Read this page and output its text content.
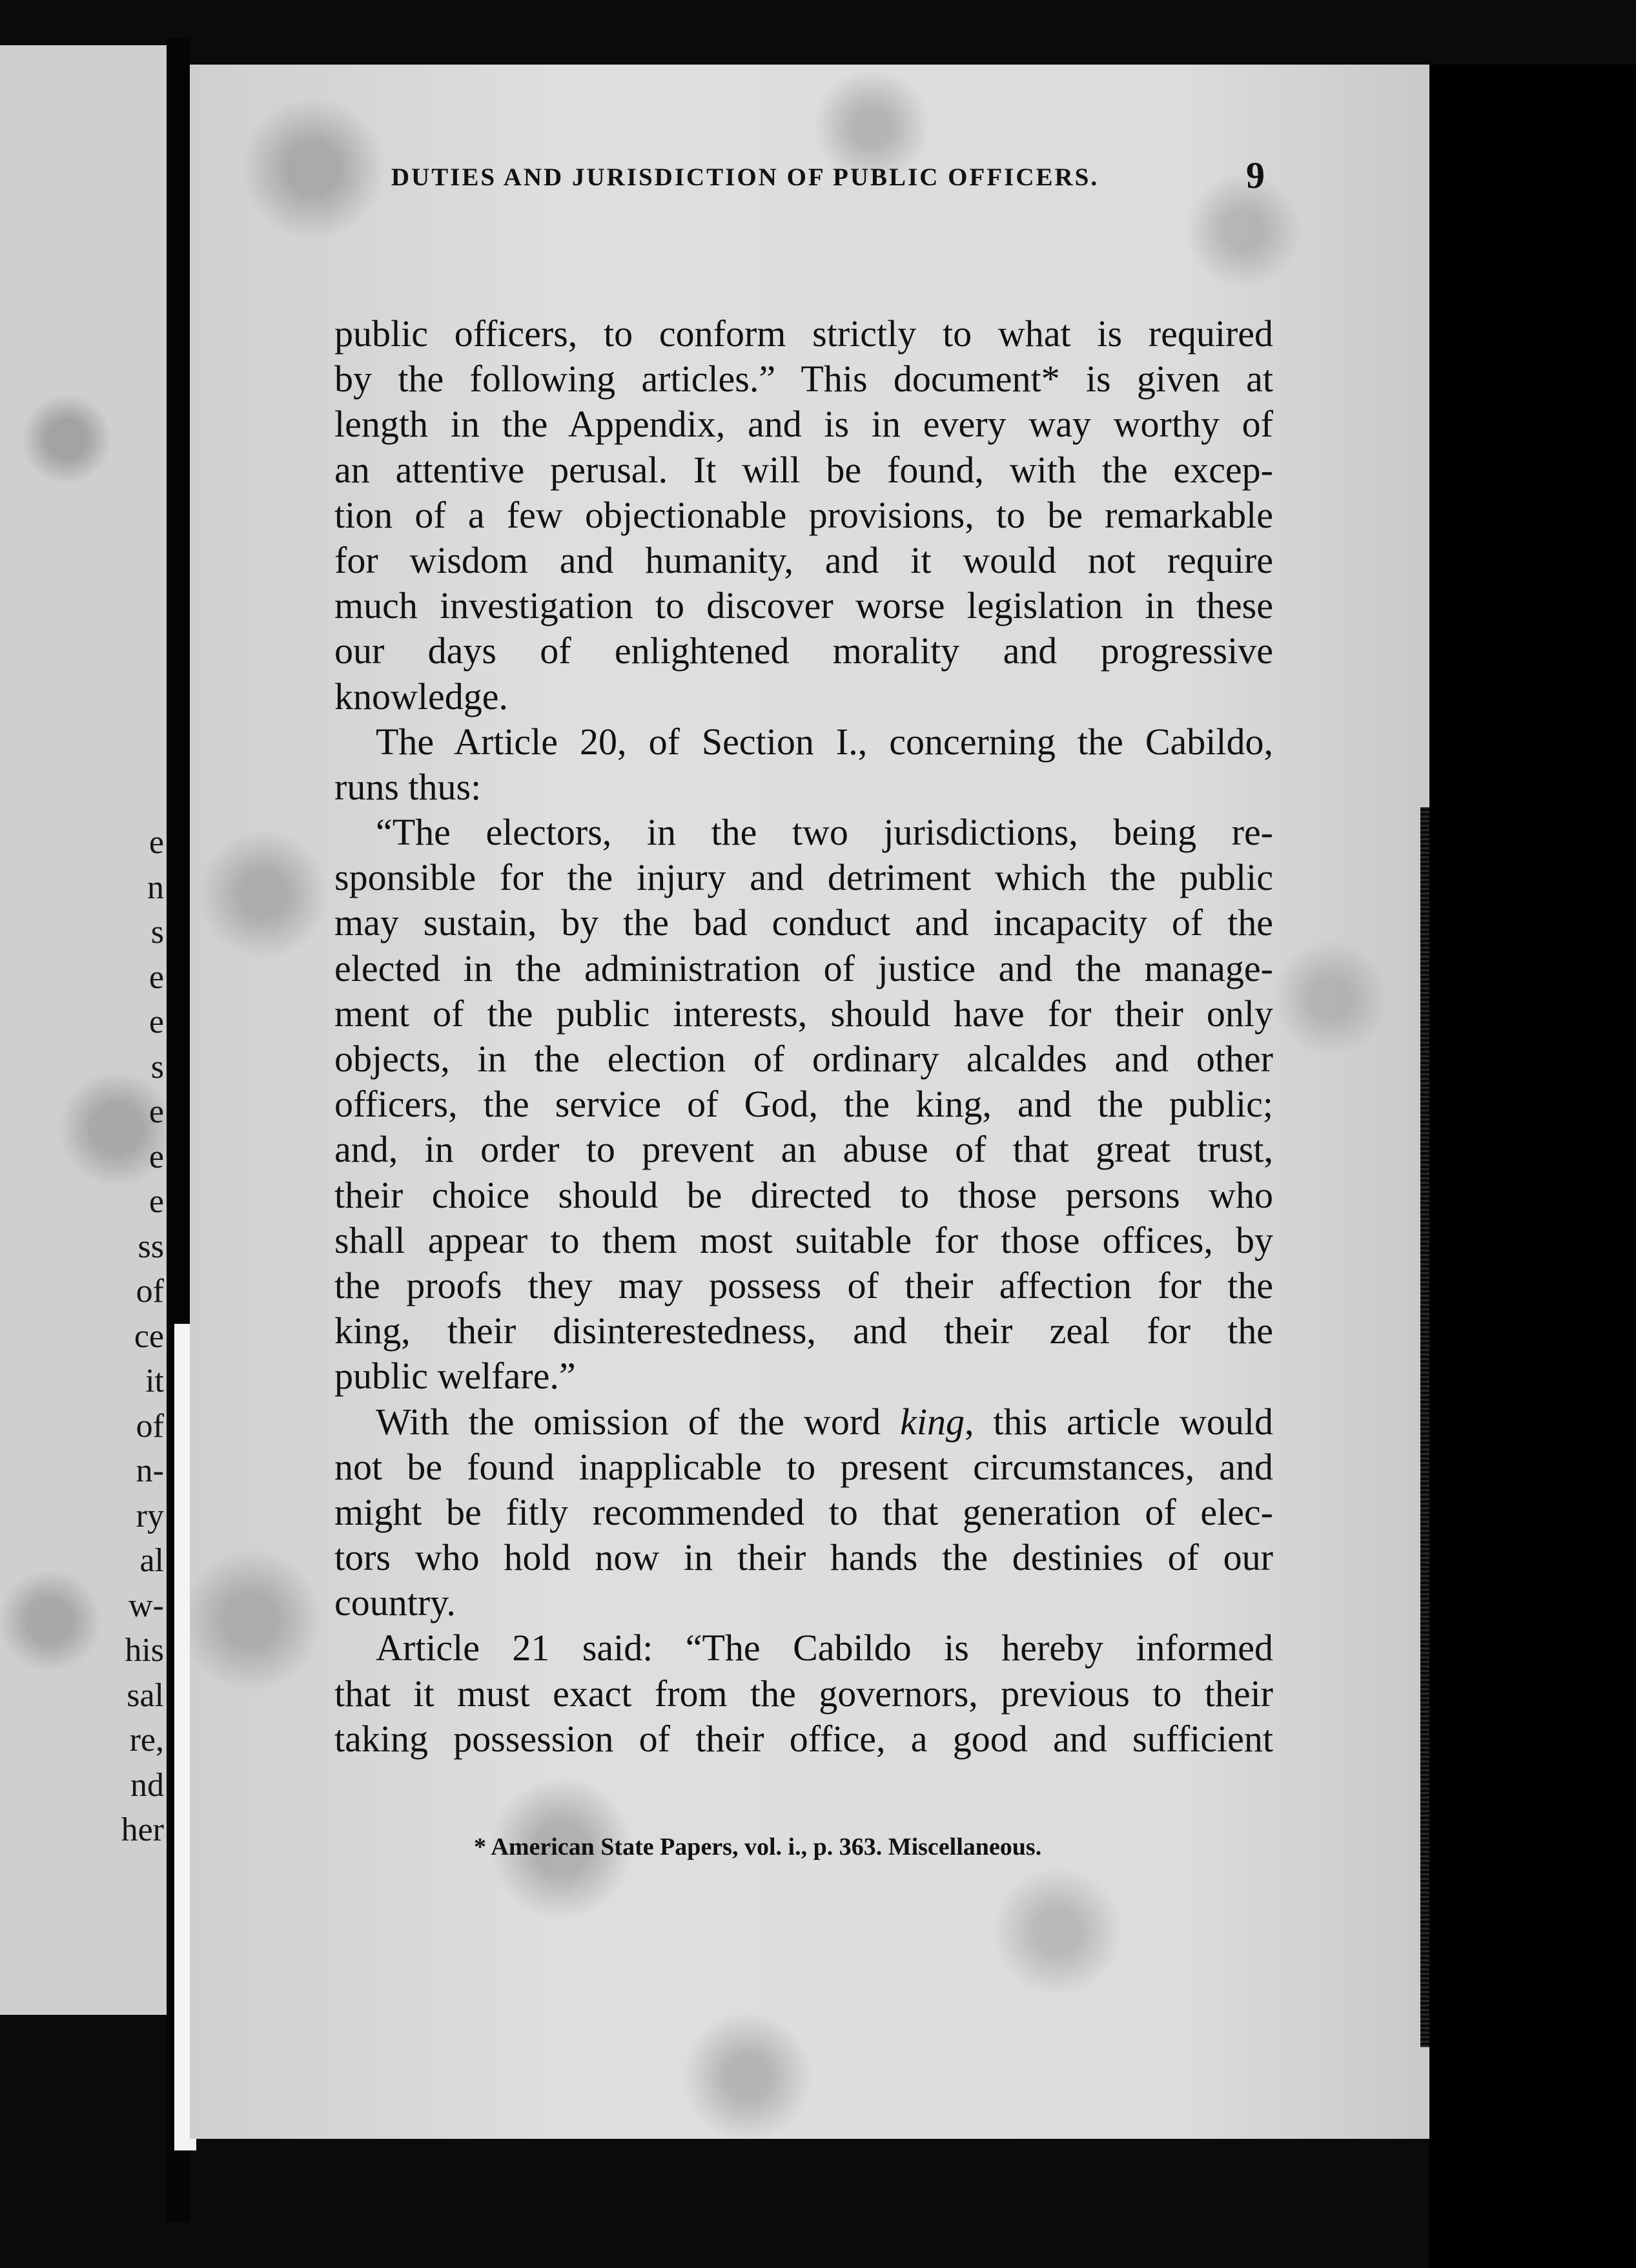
e
n
s
e
e
s
e
e
e
ss
of
ce
it
of
n-
ry
al
w-
his
sal
re,
nd
her
DUTIES AND JURISDICTION OF PUBLIC OFFICERS.	9
public officers, to conform strictly to what is required
by the following articles.” This document* is given at
length in the Appendix, and is in every way worthy of
an attentive perusal. It will be found, with the excep-
tion of a few objectionable provisions, to be remarkable
for wisdom and humanity, and it would not require
much investigation to discover worse legislation in these
our days of enlightened morality and progressive
knowledge.
The Article 20, of Section I., concerning the Cabildo,
runs thus:
“The electors, in the two jurisdictions, being re-
sponsible for the injury and detriment which the public
may sustain, by the bad conduct and incapacity of the
elected in the administration of justice and the manage-
ment of the public interests, should have for their only
objects, in the election of ordinary alcaldes and other
officers, the service of God, the king, and the public;
and, in order to prevent an abuse of that great trust,
their choice should be directed to those persons who
shall appear to them most suitable for those offices, by
the proofs they may possess of their affection for the
king, their disinterestedness, and their zeal for the
public welfare.”
With the omission of the word king, this article would
not be found inapplicable to present circumstances, and
might be fitly recommended to that generation of elec-
tors who hold now in their hands the destinies of our
country.
Article 21 said: “The Cabildo is hereby informed
that it must exact from the governors, previous to their
taking possession of their office, a good and sufficient
* American State Papers, vol. i., p. 363. Miscellaneous.
